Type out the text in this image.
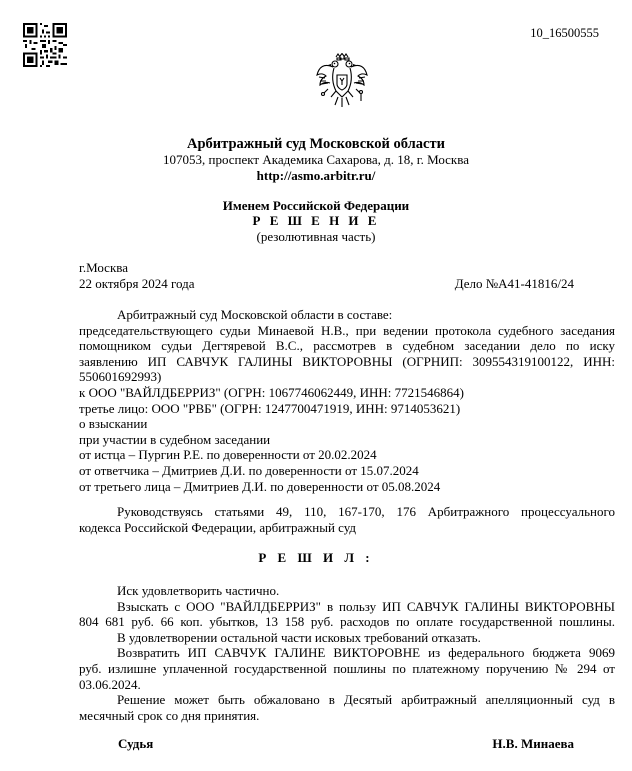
10_16500555
Арбитражный суд Московской области
107053, проспект Академика Сахарова, д. 18, г. Москва
http://asmo.arbitr.ru/
Именем Российской Федерации
Р Е Ш Е Н И Е
(резолютивная часть)
г.Москва
22 октября 2024 года	Дело №А41-41816/24
Арбитражный суд Московской области в составе:
председательствующего судьи Минаевой Н.В., при ведении протокола судебного заседания
помощником судьи Дегтяревой В.С., рассмотрев в судебном заседании дело по иску
заявлению ИП САВЧУК ГАЛИНЫ ВИКТОРОВНЫ (ОГРНИП: 309554319100122, ИНН:
550601692993)
к ООО "ВАЙЛДБЕРРИЗ" (ОГРН: 1067746062449, ИНН: 7721546864)
третье лицо: ООО "РВБ" (ОГРН: 1247700471919, ИНН: 9714053621)
о взыскании
при участии в судебном заседании
от истца – Пургин Р.Е. по доверенности от 20.02.2024
от ответчика – Дмитриев Д.И. по доверенности от 15.07.2024
от третьего лица – Дмитриев Д.И. по доверенности от 05.08.2024
Руководствуясь статьями 49, 110, 167-170, 176 Арбитражного процессуального
кодекса Российской Федерации, арбитражный суд
Р Е Ш И Л :
Иск удовлетворить частично.
Взыскать с ООО "ВАЙЛДБЕРРИЗ" в пользу ИП САВЧУК ГАЛИНЫ ВИКТОРОВНЫ
804 681 руб. 66 коп. убытков, 13 158 руб. расходов по оплате государственной пошлины.
В удовлетворении остальной части исковых требований отказать.
Возвратить ИП САВЧУК ГАЛИНЕ ВИКТОРОВНЕ из федерального бюджета 9069
руб. излишне уплаченной государственной пошлины по платежному поручению № 294 от
03.06.2024.
Решение может быть обжаловано в Десятый арбитражный апелляционный суд в
месячный срок со дня принятия.
Судья	Н.В. Минаева
